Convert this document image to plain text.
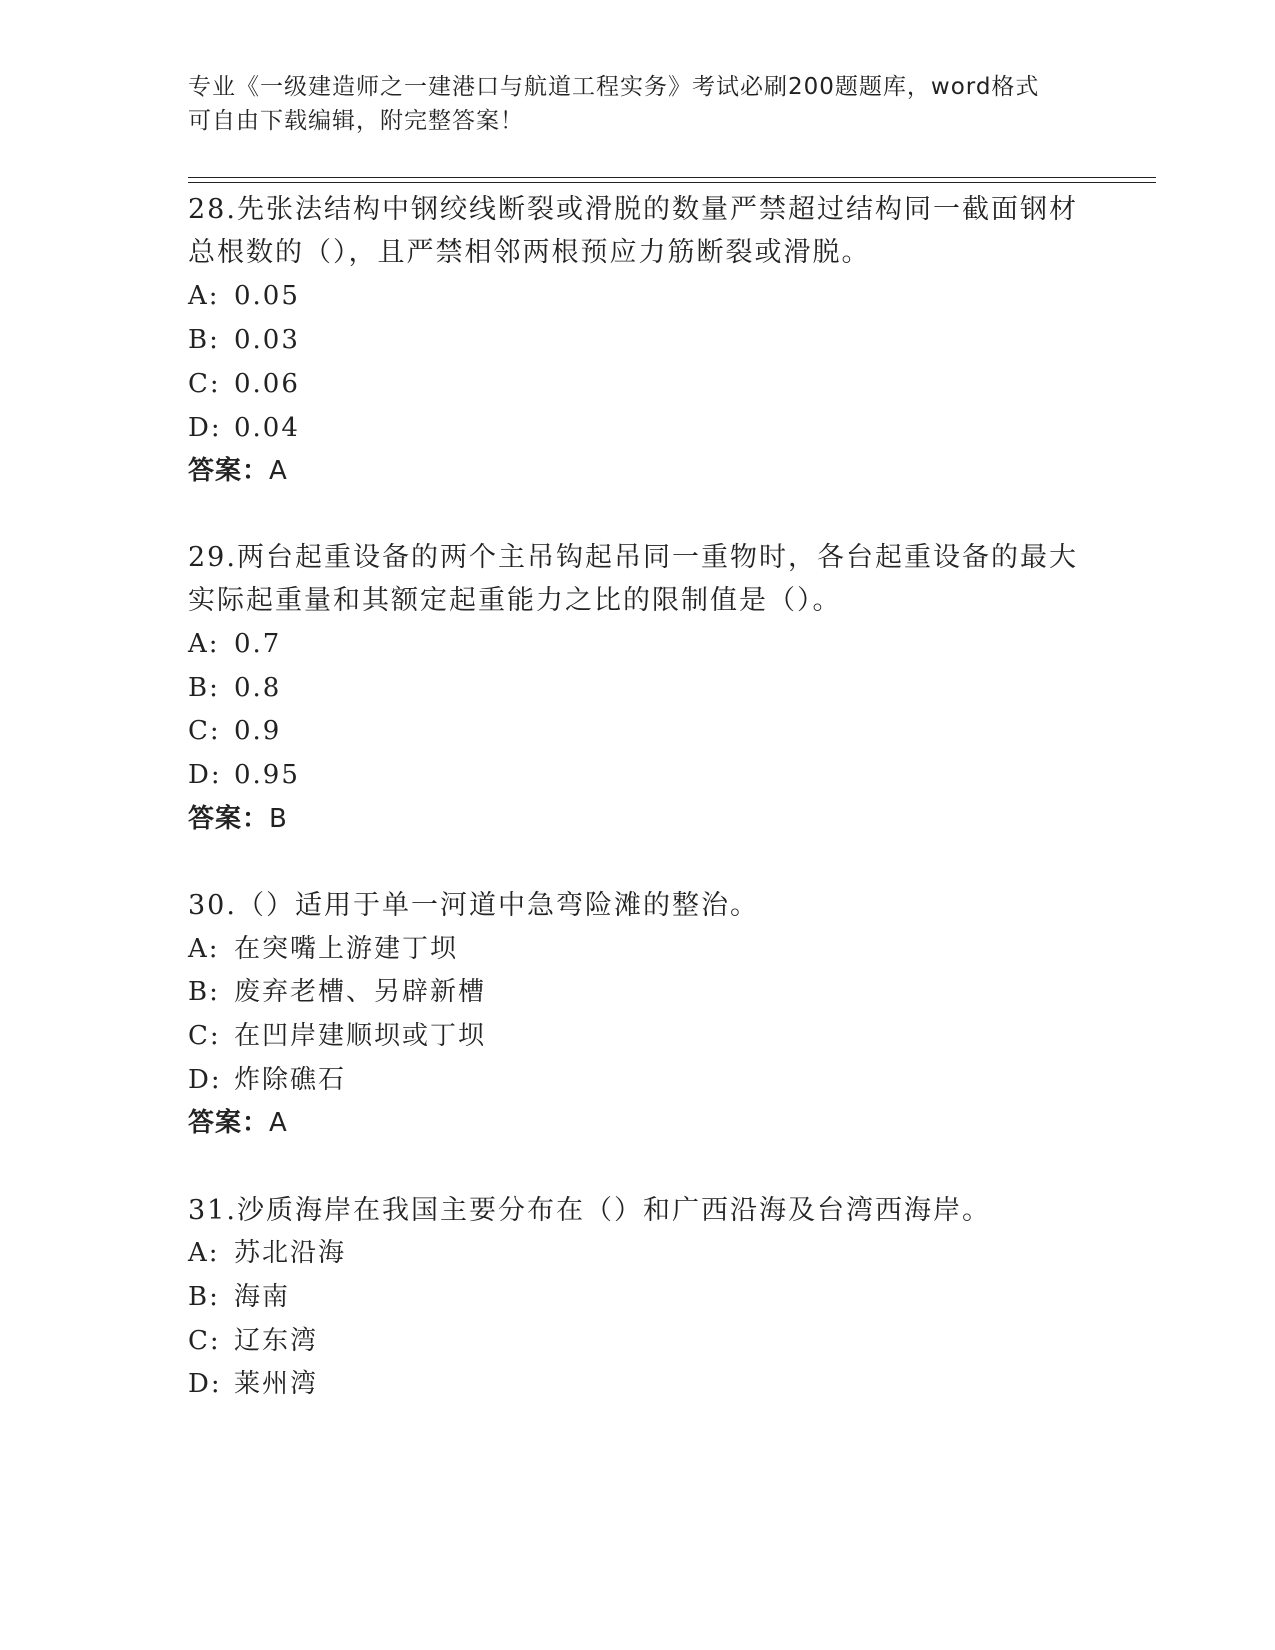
专业《一级建造师之一建港口与航道工程实务》考试必刷200题题库，word格式
可自由下载编辑，附完整答案！
28.先张法结构中钢绞线断裂或滑脱的数量严禁超过结构同一截面钢材
总根数的（），且严禁相邻两根预应力筋断裂或滑脱。
A: 0.05
B: 0.03
C: 0.06
D: 0.04
答案：A
29.两台起重设备的两个主吊钩起吊同一重物时，各台起重设备的最大
实际起重量和其额定起重能力之比的限制值是（）。
A: 0.7
B: 0.8
C: 0.9
D: 0.95
答案：B
30.（）适用于单一河道中急弯险滩的整治。
A: 在突嘴上游建丁坝
B: 废弃老槽、另辟新槽
C: 在凹岸建顺坝或丁坝
D: 炸除礁石
答案：A
31.沙质海岸在我国主要分布在（）和广西沿海及台湾西海岸。
A: 苏北沿海
B: 海南
C: 辽东湾
D: 莱州湾
